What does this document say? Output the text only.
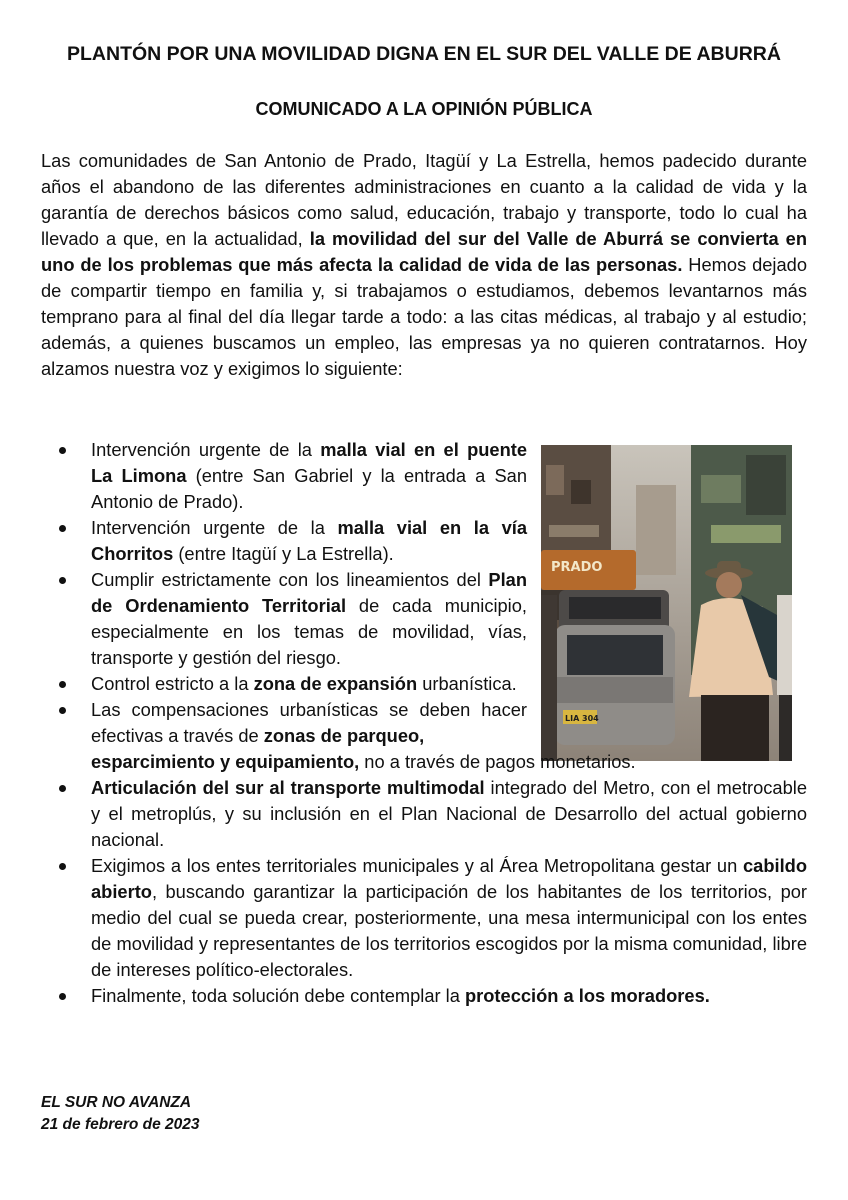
PLANTÓN POR UNA MOVILIDAD DIGNA EN EL SUR DEL VALLE DE ABURRÁ
COMUNICADO A LA OPINIÓN PÚBLICA

Las comunidades de San Antonio de Prado, Itagüí y La Estrella, hemos padecido durante años el abandono de las diferentes administraciones en cuanto a la calidad de vida y la garantía de derechos básicos como salud, educación, trabajo y transporte, todo lo cual ha llevado a que, en la actualidad, la movilidad del sur del Valle de Aburrá se convierta en uno de los problemas que más afecta la calidad de vida de las personas. Hemos dejado de compartir tiempo en familia y, si trabajamos o estudiamos, debemos levantarnos más temprano para al final del día llegar tarde a todo: a las citas médicas, al trabajo y al estudio; además, a quienes buscamos un empleo, las empresas ya no quieren contratarnos. Hoy alzamos nuestra voz y exigimos lo siguiente:

PRADO
LIA 304
Intervención urgente de la malla vial en el puente La Limona (entre San Gabriel y la entrada a San Antonio de Prado).
Intervención urgente de la malla vial en la vía Chorritos (entre Itagüí y La Estrella).
Cumplir estrictamente con los lineamientos del Plan de Ordenamiento Territorial de cada municipio, especialmente en los temas de movilidad, vías, transporte y gestión del riesgo.
Control estricto a la zona de expansión urbanística.
Las compensaciones urbanísticas se deben hacer efectivas a través de zonas de parqueo,
esparcimiento y equipamiento, no a través de pagos monetarios.
Articulación del sur al transporte multimodal integrado del Metro, con el metrocable y el metroplús, y su inclusión en el Plan Nacional de Desarrollo del actual gobierno nacional.
Exigimos a los entes territoriales municipales y al Área Metropolitana gestar un cabildo abierto, buscando garantizar la participación de los habitantes de los territorios, por medio del cual se pueda crear, posteriormente, una mesa intermunicipal con los entes de movilidad y representantes de los territorios escogidos por la misma comunidad, libre de intereses político-electorales.
Finalmente, toda solución debe contemplar la protección a los moradores.
EL SUR NO AVANZA
21 de febrero de 2023
